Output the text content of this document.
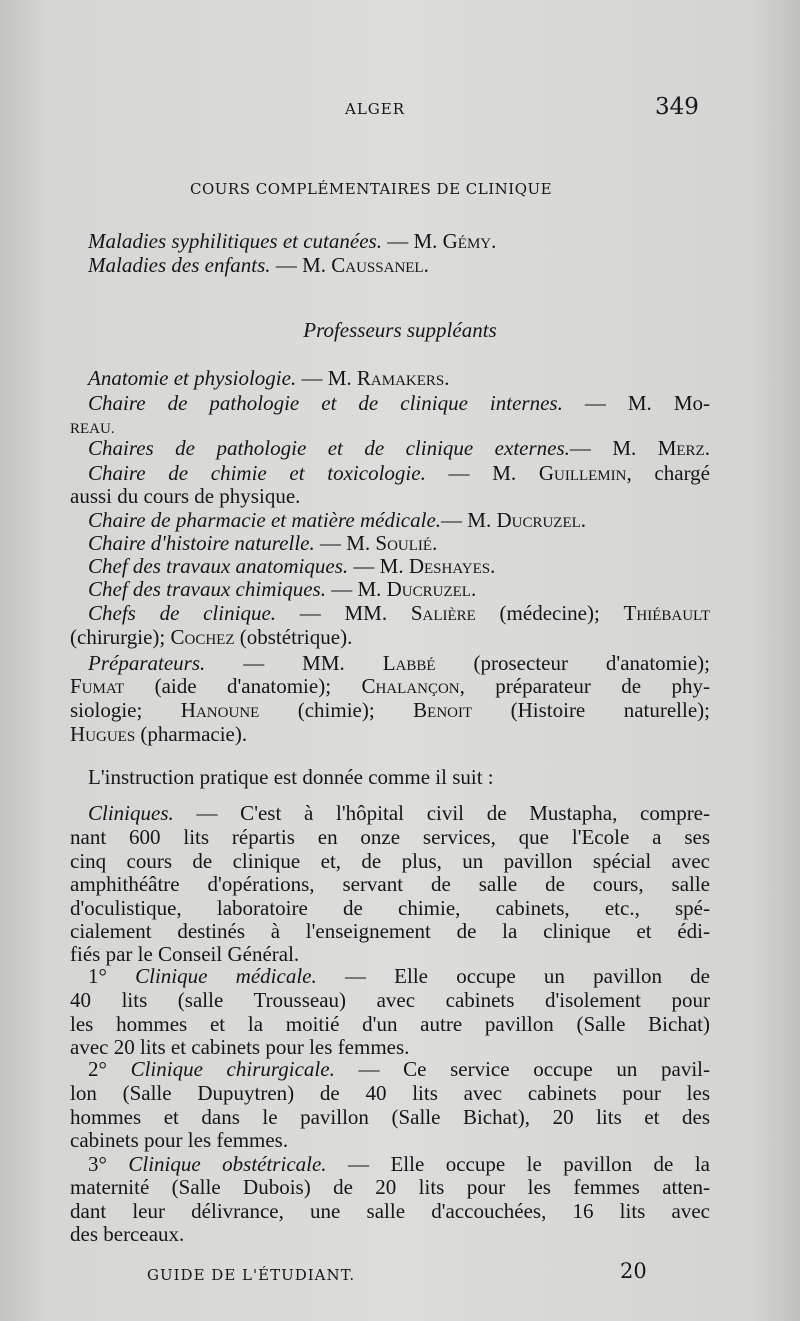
ALGER	349
COURS COMPLÉMENTAIRES DE CLINIQUE
Maladies syphilitiques et cutanées. — M. Gémy.
Maladies des enfants. — M. Caussanel.
Professeurs suppléants
Anatomie et physiologie. — M. Ramakers.
Chaire de pathologie et de clinique internes. — M. Mo-
REAU.
Chaires de pathologie et de clinique externes.— M. Merz.
Chaire de chimie et toxicologie. — M. Guillemin, chargé
aussi du cours de physique.
Chaire de pharmacie et matière médicale.— M. Ducruzel.
Chaire d'histoire naturelle. — M. Soulié.
Chef des travaux anatomiques. — M. Deshayes.
Chef des travaux chimiques. — M. Ducruzel.
Chefs de clinique. — MM. Salière (médecine); Thiébault
(chirurgie); Cochez (obstétrique).
Préparateurs. — MM. Labbé (prosecteur d'anatomie);
Fumat (aide d'anatomie); Chalançon, préparateur de phy-
siologie; Hanoune (chimie); Benoit (Histoire naturelle);
Hugues (pharmacie).
L'instruction pratique est donnée comme il suit :
Cliniques. — C'est à l'hôpital civil de Mustapha, compre-
nant 600 lits répartis en onze services, que l'Ecole a ses
cinq cours de clinique et, de plus, un pavillon spécial avec
amphithéâtre d'opérations, servant de salle de cours, salle
d'oculistique, laboratoire de chimie, cabinets, etc., spé-
cialement destinés à l'enseignement de la clinique et édi-
fiés par le Conseil Général.
1° Clinique médicale. — Elle occupe un pavillon de
40 lits (salle Trousseau) avec cabinets d'isolement pour
les hommes et la moitié d'un autre pavillon (Salle Bichat)
avec 20 lits et cabinets pour les femmes.
2° Clinique chirurgicale. — Ce service occupe un pavil-
lon (Salle Dupuytren) de 40 lits avec cabinets pour les
hommes et dans le pavillon (Salle Bichat), 20 lits et des
cabinets pour les femmes.
3° Clinique obstétricale. — Elle occupe le pavillon de la
maternité (Salle Dubois) de 20 lits pour les femmes atten-
dant leur délivrance, une salle d'accouchées, 16 lits avec
des berceaux.
GUIDE DE L'ÉTUDIANT.	20
